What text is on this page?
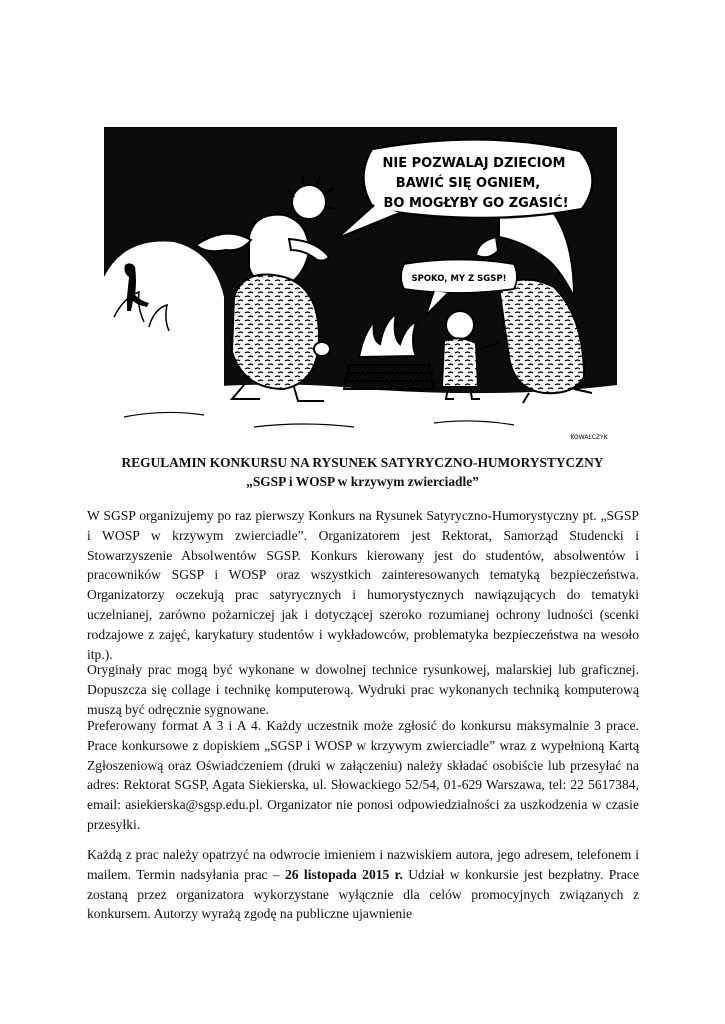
NIE POZWALAJ DZIECIOM
BAWIĆ SIĘ OGNIEM,
BO MOGŁYBY GO ZGASIĆ!
SPOKO, MY Z SGSP!
KOWALCZYK
REGULAMIN KONKURSU NA RYSUNEK SATYRYCZNO-HUMORYSTYCZNY
„SGSP i WOSP w krzywym zwierciadle”

W SGSP organizujemy po raz pierwszy Konkurs na Rysunek Satyryczno-Humorystyczny pt. „SGSP i WOSP w krzywym zwierciadle”. Organizatorem jest Rektorat, Samorząd Studencki i Stowarzyszenie Absolwentów SGSP. Konkurs kierowany jest do studentów, absolwentów i pracowników SGSP i WOSP oraz wszystkich zainteresowanych tematyką bezpieczeństwa. Organizatorzy oczekują prac satyrycznych i humorystycznych nawiązujących do tematyki uczelnianej, zarówno pożarniczej jak i dotyczącej szeroko rozumianej ochrony ludności (scenki rodzajowe z zajęć, karykatury studentów i wykładowców, problematyka bezpieczeństwa na wesoło itp.).

Oryginały prac mogą być wykonane w dowolnej technice rysunkowej, malarskiej lub graficznej. Dopuszcza się collage i technikę komputerową. Wydruki prac wykonanych techniką komputerową muszą być odręcznie sygnowane.

Preferowany format A 3 i A 4. Każdy uczestnik może zgłosić do konkursu maksymalnie 3 prace. Prace konkursowe z dopiskiem „SGSP i WOSP w krzywym zwierciadle” wraz z wypełnioną Kartą Zgłoszeniową oraz Oświadczeniem (druki w załączeniu) należy składać osobiście lub przesyłać na adres: Rektorat SGSP, Agata Siekierska, ul. Słowackiego 52/54, 01-629 Warszawa, tel: 22 5617384, email: asiekierska@sgsp.edu.pl. Organizator nie ponosi odpowiedzialności za uszkodzenia w czasie przesyłki.

Każdą z prac należy opatrzyć na odwrocie imieniem i nazwiskiem autora, jego adresem, telefonem i mailem. Termin nadsyłania prac – 26 listopada 2015 r. Udział w konkursie jest bezpłatny. Prace zostaną przez organizatora wykorzystane wyłącznie dla celów promocyjnych związanych z konkursem. Autorzy wyrażą zgodę na publiczne ujawnienie
